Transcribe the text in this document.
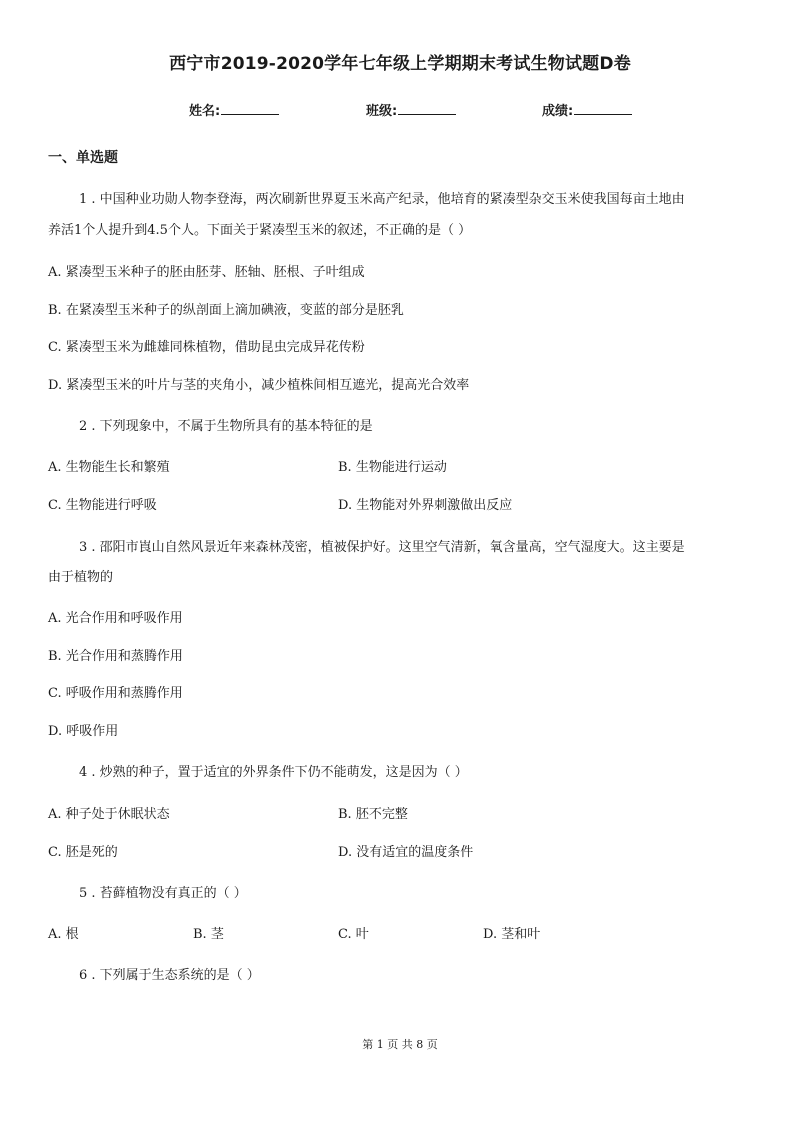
西宁市2019-2020学年七年级上学期期末考试生物试题D卷
姓名:	班级:	成绩:
一、单选题
1 . 中国种业功勋人物李登海，两次刷新世界夏玉米高产纪录，他培育的紧凑型杂交玉米使我国每亩土地由
养活1个人提升到4.5个人。下面关于紧凑型玉米的叙述，不正确的是（ ）
A. 紧凑型玉米种子的胚由胚芽、胚轴、胚根、子叶组成
B. 在紧凑型玉米种子的纵剖面上滴加碘液，变蓝的部分是胚乳
C. 紧凑型玉米为雌雄同株植物，借助昆虫完成异花传粉
D. 紧凑型玉米的叶片与茎的夹角小，减少植株间相互遮光，提高光合效率
2 . 下列现象中，不属于生物所具有的基本特征的是
A. 生物能生长和繁殖	B. 生物能进行运动
C. 生物能进行呼吸	D. 生物能对外界刺激做出反应
3 . 邵阳市崀山自然风景近年来森林茂密，植被保护好。这里空气清新，氧含量高，空气湿度大。这主要是
由于植物的
A. 光合作用和呼吸作用
B. 光合作用和蒸腾作用
C. 呼吸作用和蒸腾作用
D. 呼吸作用
4 . 炒熟的种子，置于适宜的外界条件下仍不能萌发，这是因为（ ）
A. 种子处于休眠状态	B. 胚不完整
C. 胚是死的	D. 没有适宜的温度条件
5 . 苔藓植物没有真正的（ ）
A. 根	B. 茎	C. 叶	D. 茎和叶
6 . 下列属于生态系统的是（ ）
第 1 页 共 8 页
